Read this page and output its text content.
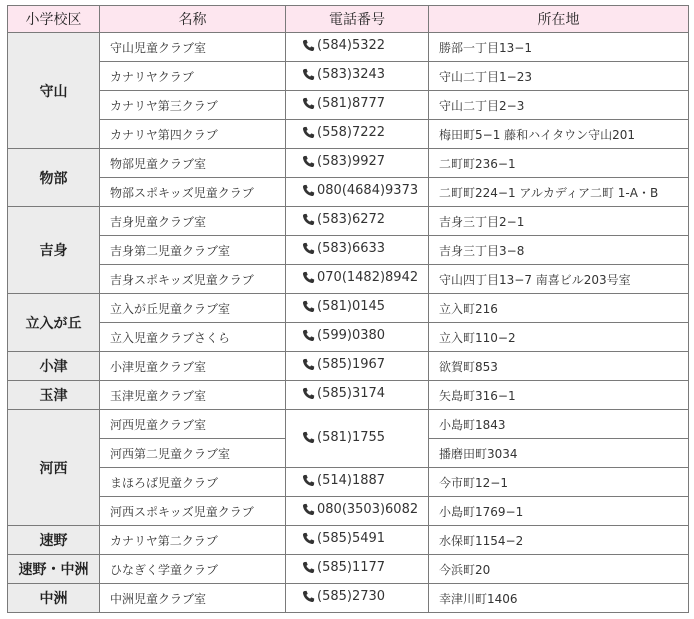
小学校区	名称	電話番号	所在地
守山	守山児童クラブ室	(584)5322	勝部一丁目13−1
	カナリヤクラブ	(583)3243	守山二丁目1−23
	カナリヤ第三クラブ	(581)8777	守山二丁目2−3
	カナリヤ第四クラブ	(558)7222	梅田町5−1 藤和ハイタウン守山201
物部	物部児童クラブ室	(583)9927	二町町236−1
	物部スポキッズ児童クラブ	080(4684)9373	二町町224−1 アルカディア二町 1-A・B
吉身	吉身児童クラブ室	(583)6272	吉身三丁目2−1
	吉身第二児童クラブ室	(583)6633	吉身三丁目3−8
	吉身スポキッズ児童クラブ	070(1482)8942	守山四丁目13−7 南喜ビル203号室
立入が丘	立入が丘児童クラブ室	(581)0145	立入町216
	立入児童クラブさくら	(599)0380	立入町110−2
小津	小津児童クラブ室	(585)1967	欲賀町853
玉津	玉津児童クラブ室	(585)3174	矢島町316−1
河西	河西児童クラブ室	(581)1755	小島町1843
	河西第二児童クラブ室		播磨田町3034
	まほろば児童クラブ	(514)1887	今市町12−1
	河西スポキッズ児童クラブ	080(3503)6082	小島町1769−1
速野	カナリヤ第二クラブ	(585)5491	水保町1154−2
速野・中洲	ひなぎく学童クラブ	(585)1177	今浜町20
中洲	中洲児童クラブ室	(585)2730	幸津川町1406
